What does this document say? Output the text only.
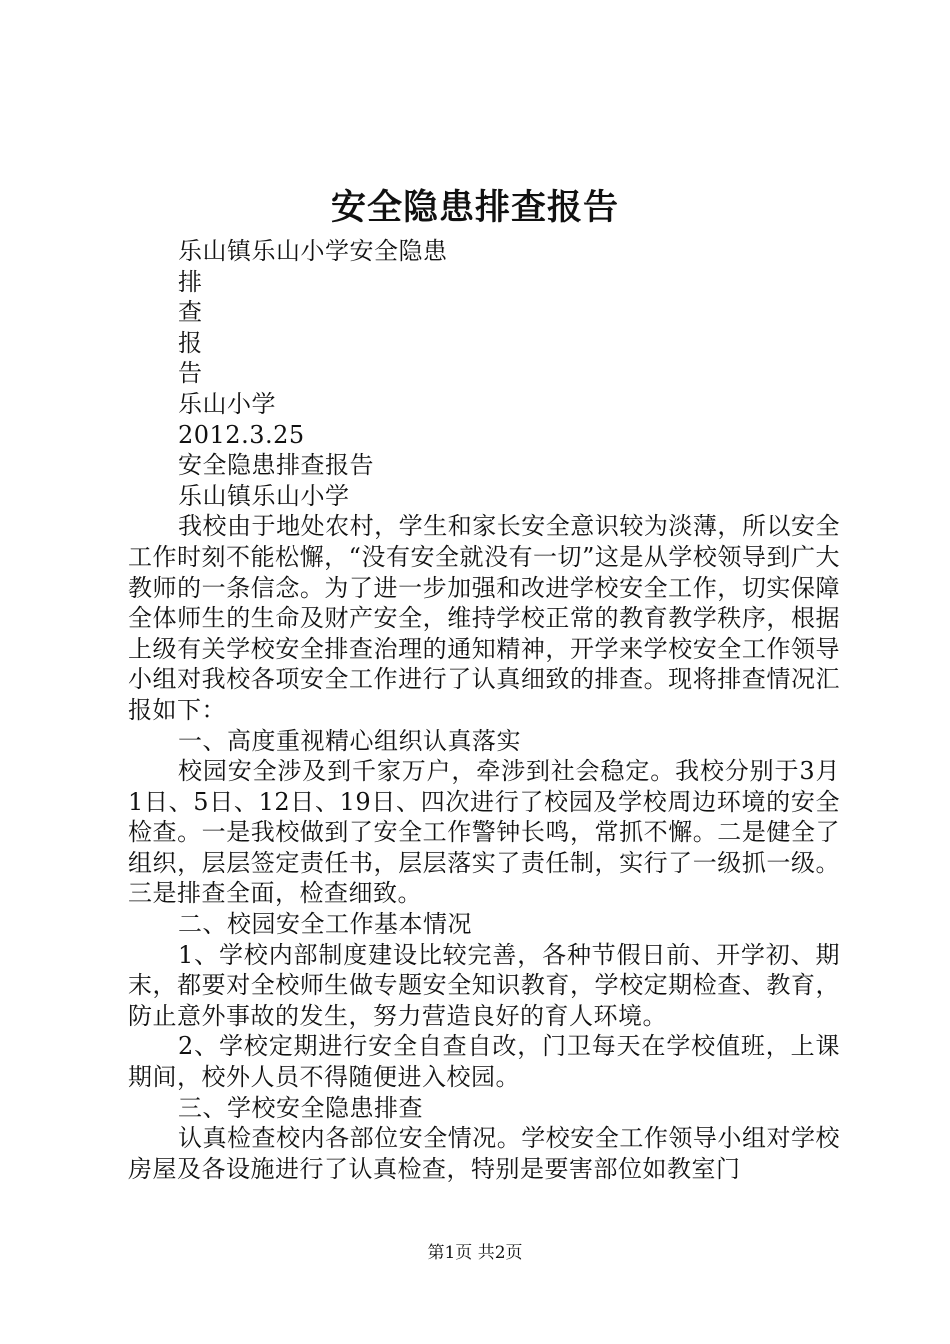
安全隐患排查报告
乐山镇乐山小学安全隐患
排
查
报
告
乐山小学
2012.3.25
安全隐患排查报告
乐山镇乐山小学

我校由于地处农村，学生和家长安全意识较为淡薄，所以安全工作时刻不能松懈，“没有安全就没有一切”这是从学校领导到广大教师的一条信念。为了进一步加强和改进学校安全工作，切实保障全体师生的生命及财产安全，维持学校正常的教育教学秩序，根据上级有关学校安全排查治理的通知精神，开学来学校安全工作领导小组对我校各项安全工作进行了认真细致的排查。现将排查情况汇报如下：

一、高度重视精心组织认真落实

校园安全涉及到千家万户，牵涉到社会稳定。我校分别于3月1日、5日、12日、19日、四次进行了校园及学校周边环境的安全检查。一是我校做到了安全工作警钟长鸣，常抓不懈。二是健全了组织，层层签定责任书，层层落实了责任制，实行了一级抓一级。三是排查全面，检查细致。

二、校园安全工作基本情况

1、学校内部制度建设比较完善，各种节假日前、开学初、期末，都要对全校师生做专题安全知识教育，学校定期检查、教育，防止意外事故的发生，努力营造良好的育人环境。

2、学校定期进行安全自查自改，门卫每天在学校值班，上课期间，校外人员不得随便进入校园。

三、学校安全隐患排查

认真检查校内各部位安全情况。学校安全工作领导小组对学校房屋及各设施进行了认真检查，特别是要害部位如教室门

第1页 共2页
